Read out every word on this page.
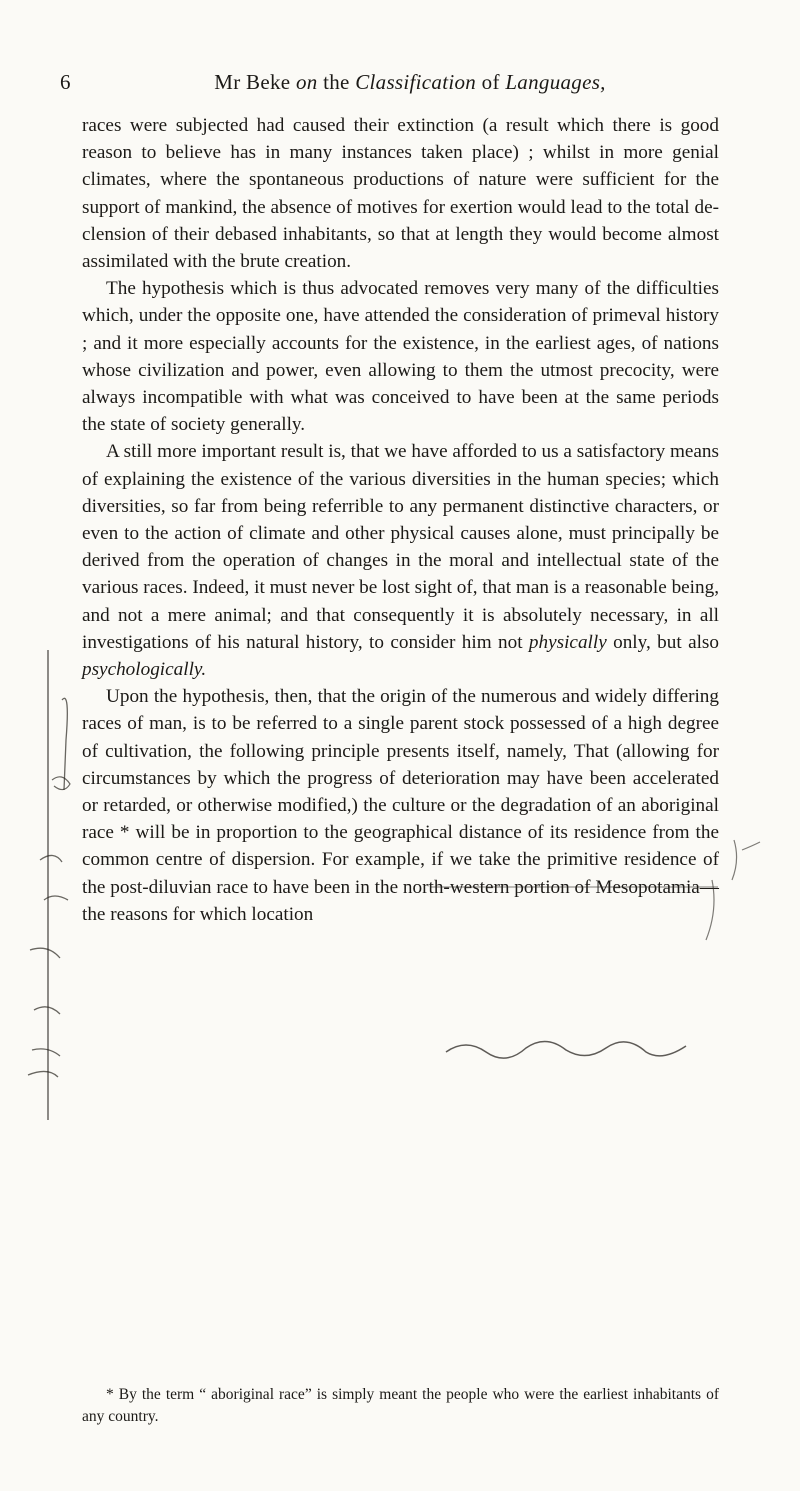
6	Mr Beke on the Classification of Languages,

races were subjected had caused their extinction (a result which there is good reason to believe has in many instances taken place) ; whilst in more genial climates, where the spontaneous productions of nature were sufficient for the support of mankind, the absence of motives for exertion would lead to the total declension of their debased inhabitants, so that at length they would become almost assimilated with the brute creation.

The hypothesis which is thus advocated removes very many of the difficulties which, under the opposite one, have attended the consideration of primeval history ; and it more especially accounts for the existence, in the earliest ages, of nations whose civilization and power, even allowing to them the utmost precocity, were always incompatible with what was conceived to have been at the same periods the state of society generally.

A still more important result is, that we have afforded to us a satisfactory means of explaining the existence of the various diversities in the human species; which diversities, so far from being referrible to any permanent distinctive characters, or even to the action of climate and other physical causes alone, must principally be derived from the operation of changes in the moral and intellectual state of the various races. Indeed, it must never be lost sight of, that man is a reasonable being, and not a mere animal; and that consequently it is absolutely necessary, in all investigations of his natural history, to consider him not physically only, but also psychologically.

Upon the hypothesis, then, that the origin of the numerous and widely differing races of man, is to be referred to a single parent stock possessed of a high degree of cultivation, the following principle presents itself, namely, That (allowing for circumstances by which the progress of deterioration may have been accelerated or retarded, or otherwise modified,) the culture or the degradation of an aboriginal race * will be in proportion to the geographical distance of its residence from the common centre of dispersion. For example, if we take the primitive residence of the post-diluvian race to have been in the north-western portion of Mesopotamia—the reasons for which location

* By the term “ aboriginal race” is simply meant the people who were the earliest inhabitants of any country.
